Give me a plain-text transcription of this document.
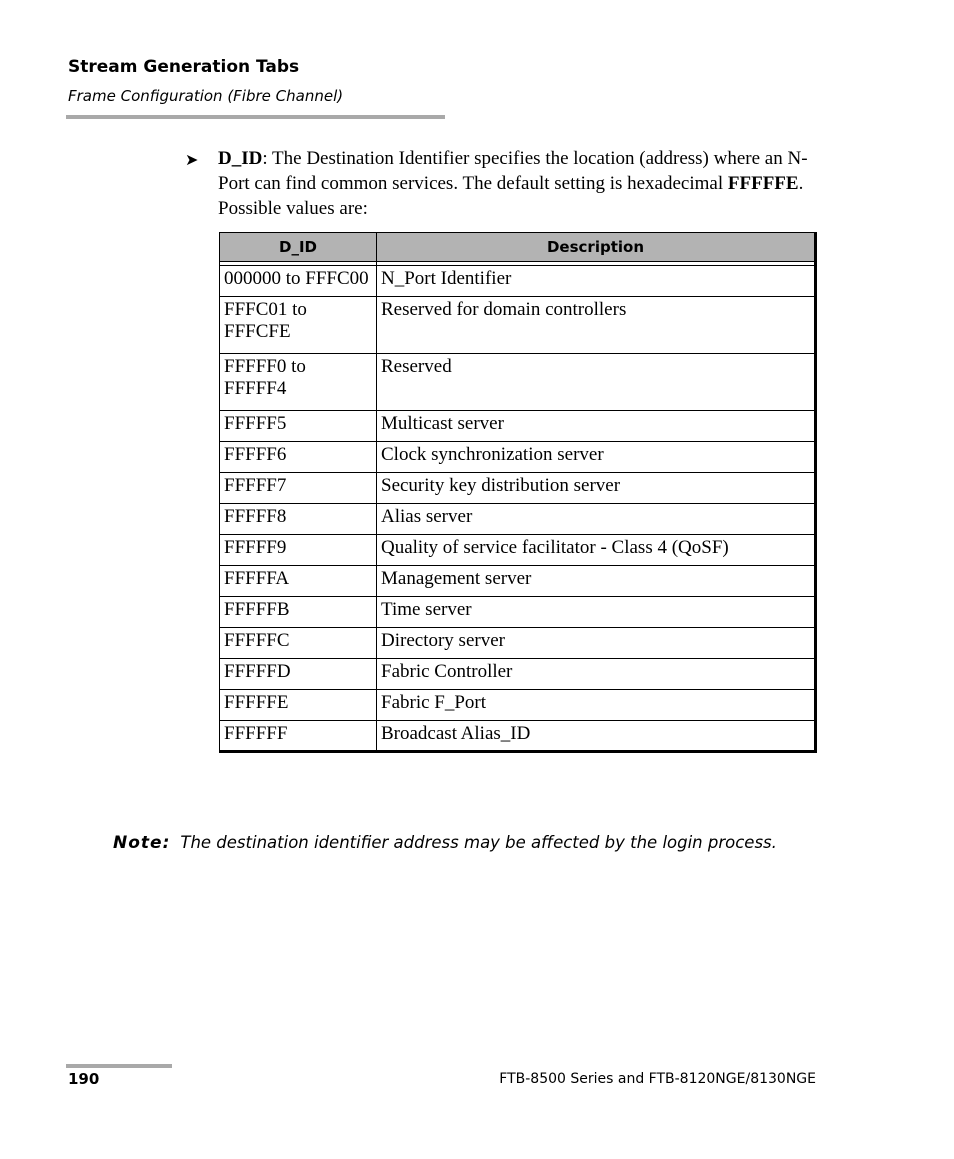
Stream Generation Tabs
Frame Configuration (Fibre Channel)
➤ D_ID: The Destination Identifier specifies the location (address) where an N-Port can find common services. The default setting is hexadecimal FFFFFE. Possible values are:
D_ID	Description

000000 to FFFC00	N_Port Identifier
FFFC01 to FFFCFE	Reserved for domain controllers
FFFFF0 to FFFFF4	Reserved
FFFFF5	Multicast server
FFFFF6	Clock synchronization server
FFFFF7	Security key distribution server
FFFFF8	Alias server
FFFFF9	Quality of service facilitator - Class 4 (QoSF)
FFFFFA	Management server
FFFFFB	Time server
FFFFFC	Directory server
FFFFFD	Fabric Controller
FFFFFE	Fabric F_Port
FFFFFF	Broadcast Alias_ID
Note: The destination identifier address may be affected by the login process.
190	FTB-8500 Series and FTB-8120NGE/8130NGE
